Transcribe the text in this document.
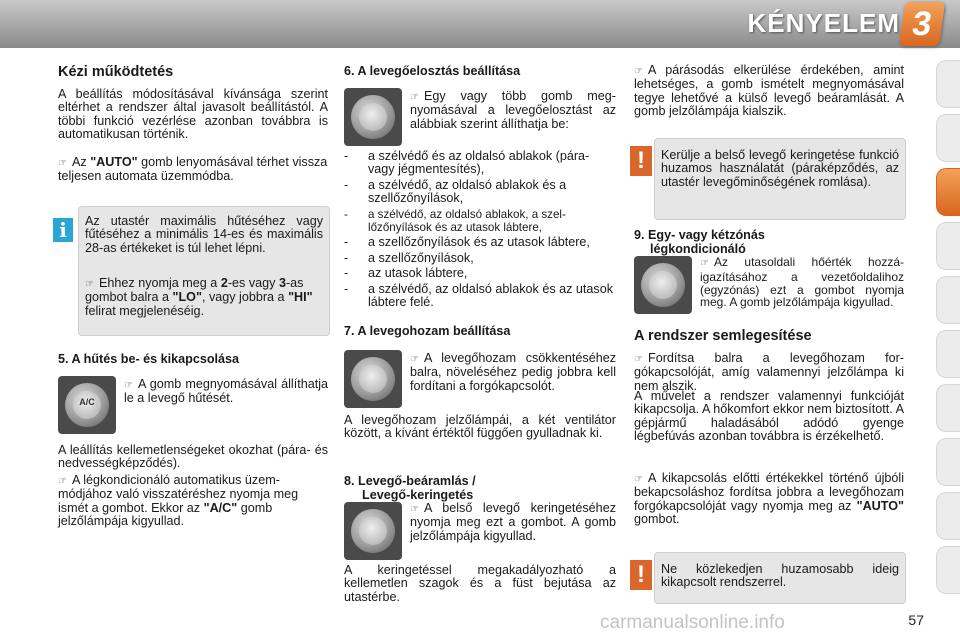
KÉNYELEM 3
Kézi működtetés
A beállítás módosításával kívánsága szerint eltérhet a rendszer által javasolt beállítástól. A többi funkció vezérlése azonban továbbra is automatikusan történik.
☞ Az "AUTO" gomb lenyomásával térhet vissza teljesen automata üzemmódba.
i	Az utastér maximális hűtéséhez vagy fűtéséhez a minimális 14-es és maximális 28-as értékeket is túl lehet lépni.
☞ Ehhez nyomja meg a 2-es vagy 3-as gombot balra a "LO", vagy jobbra a "HI" felirat megjelenéséig.
5. A hűtés be- és kikapcsolása
A/C
☞ A gomb megnyomásával állíthatja le a levegő hűtését.
A leállítás kellemetlenségeket okozhat (pára- és nedvességképződés).
☞ A légkondicionáló automatikus üzemmódjához való visszatéréshez nyomja meg ismét a gombot. Ekkor az "A/C" gomb jelzőlámpája kigyullad.
6. A levegőelosztás beállítása
☞ Egy vagy több gomb megnyomásával a levegőelosztást az alábbiak szerint állíthatja be:
-	a szélvédő és az oldalsó ablakok (pára- vagy jégmentesítés),
-	a szélvédő, az oldalsó ablakok és a szellőzőnyílások,
-	a szélvédő, az oldalsó ablakok, a szellőzőnyílások és az utasok lábtere,
-	a szellőzőnyílások és az utasok lábtere,
-	a szellőzőnyílások,
-	az utasok lábtere,
-	a szélvédő, az oldalsó ablakok és az utasok lábtere felé.
7. A levegohozam beállítása
☞ A levegőhozam csökkentéséhez balra, növeléséhez pedig jobbra kell fordítani a forgókapcsolót.
A levegőhozam jelzőlámpái, a két ventilátor között, a kívánt értéktől függően gyulladnak ki.
8. Levegő-beáramlás /
Levegő-keringetés
☞ A belső levegő keringetéséhez nyomja meg ezt a gombot. A gomb jelzőlámpája kigyullad.
A keringetéssel megakadályozható a kellemetlen szagok és a füst bejutása az utastérbe.
☞ A párásodás elkerülése érdekében, amint lehetséges, a gomb ismételt megnyomásával tegye lehetővé a külső levegő beáramlását. A gomb jelzőlámpája kialszik.
!	Kerülje a belső levegő keringetése funkció huzamos használatát (páraképződés, az utastér levegőminőségének romlása).
9. Egy- vagy kétzónás
légkondicionáló
☞ Az utasoldali hőérték hozzáigazításához a vezetőoldalihoz (egyzónás) ezt a gombot nyomja meg. A gomb jelzőlámpája kigyullad.
A rendszer semlegesítése
☞ Fordítsa balra a levegőhozam forgókapcsolóját, amíg valamennyi jelzőlámpa ki nem alszik.
A művelet a rendszer valamennyi funkcióját kikapcsolja. A hőkomfort ekkor nem biztosított. A gépjármű haladásából adódó gyenge légbefúvás azonban továbbra is érzékelhető.
☞ A kikapcsolás előtti értékekkel történő újbóli bekapcsoláshoz fordítsa jobbra a levegőhozam forgókapcsolóját vagy nyomja meg az "AUTO" gombot.
!	Ne közlekedjen huzamosabb ideig kikapcsolt rendszerrel.
carmanualsonline.info	57
